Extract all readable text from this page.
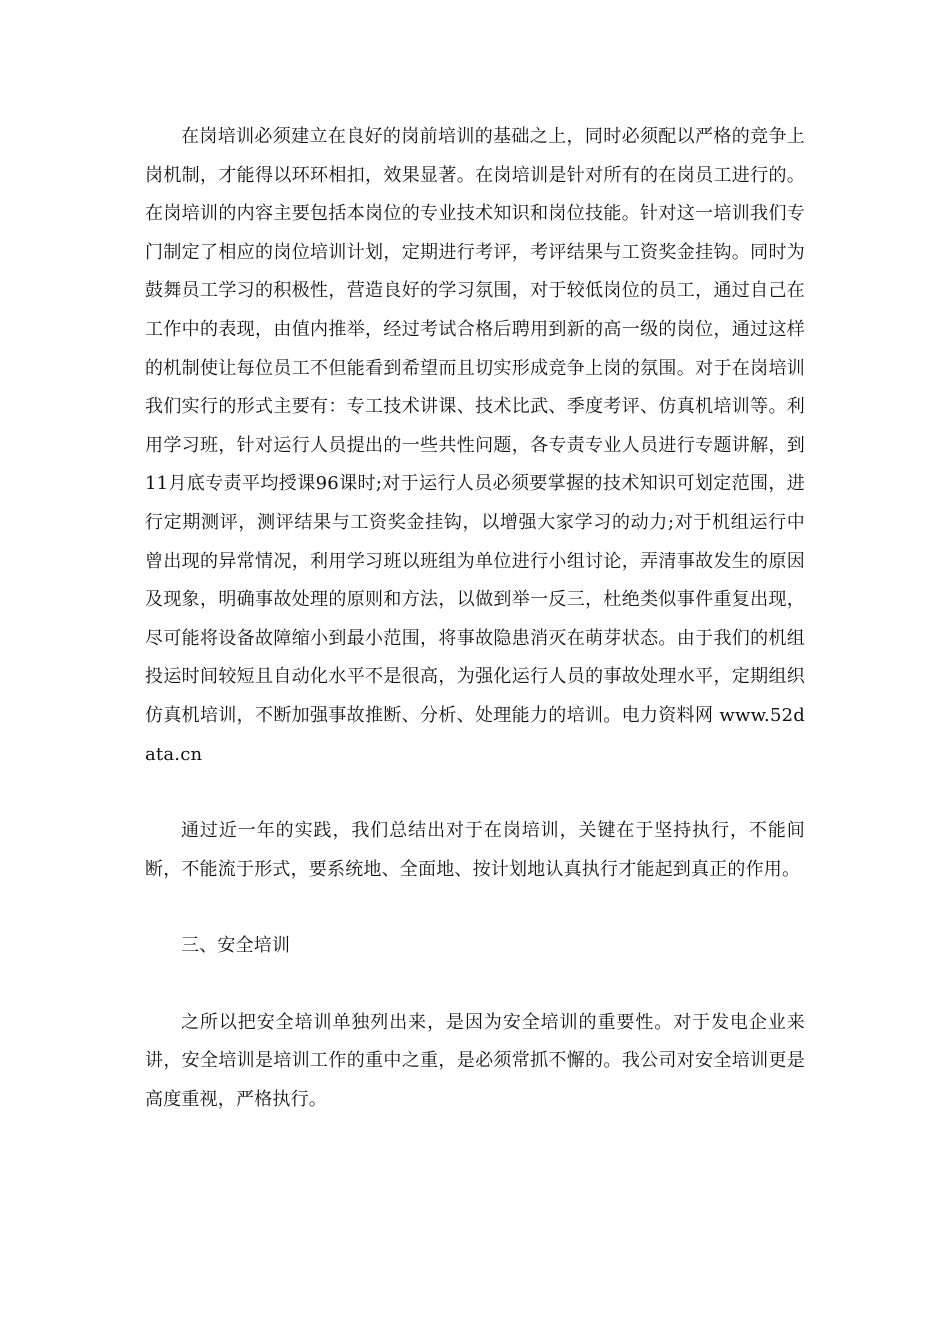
在岗培训必须建立在良好的岗前培训的基础之上，同时必须配以严格的竞争上岗机制，才能得以环环相扣，效果显著。在岗培训是针对所有的在岗员工进行的。在岗培训的内容主要包括本岗位的专业技术知识和岗位技能。针对这一培训我们专门制定了相应的岗位培训计划，定期进行考评，考评结果与工资奖金挂钩。同时为鼓舞员工学习的积极性，营造良好的学习氛围，对于较低岗位的员工，通过自己在工作中的表现，由值内推举，经过考试合格后聘用到新的高一级的岗位，通过这样的机制使让每位员工不但能看到希望而且切实形成竞争上岗的氛围。对于在岗培训我们实行的形式主要有：专工技术讲课、技术比武、季度考评、仿真机培训等。利用学习班，针对运行人员提出的一些共性问题，各专责专业人员进行专题讲解，到11月底专责平均授课96课时;对于运行人员必须要掌握的技术知识可划定范围，进行定期测评，测评结果与工资奖金挂钩，以增强大家学习的动力;对于机组运行中曾出现的异常情况，利用学习班以班组为单位进行小组讨论，弄清事故发生的原因及现象，明确事故处理的原则和方法，以做到举一反三，杜绝类似事件重复出现，尽可能将设备故障缩小到最小范围，将事故隐患消灭在萌芽状态。由于我们的机组投运时间较短且自动化水平不是很高，为强化运行人员的事故处理水平，定期组织仿真机培训，不断加强事故推断、分析、处理能力的培训。电力资料网 www.52data.cn

通过近一年的实践，我们总结出对于在岗培训，关键在于坚持执行，不能间断，不能流于形式，要系统地、全面地、按计划地认真执行才能起到真正的作用。

三、安全培训

之所以把安全培训单独列出来，是因为安全培训的重要性。对于发电企业来讲，安全培训是培训工作的重中之重，是必须常抓不懈的。我公司对安全培训更是高度重视，严格执行。
